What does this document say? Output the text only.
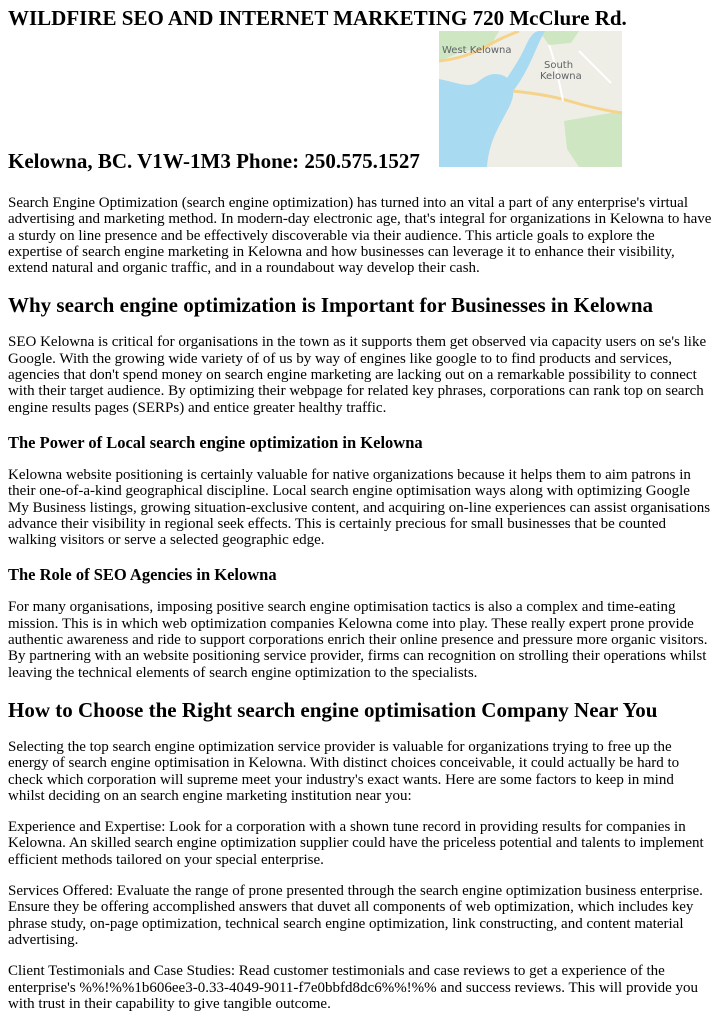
WILDFIRE SEO AND INTERNET MARKETING 720 McClure Rd.
West Kelowna
South
Kelowna
Kelowna, BC. V1W-1M3 Phone: 250.575.1527

Search Engine Optimization (search engine optimization) has turned into an vital a part of any enterprise's virtual advertising and marketing method. In modern-day electronic age, that's integral for organizations in Kelowna to have a sturdy on line presence and be effectively discoverable via their audience. This article goals to explore the expertise of search engine marketing in Kelowna and how businesses can leverage it to enhance their visibility, extend natural and organic traffic, and in a roundabout way develop their cash.

Why search engine optimization is Important for Businesses in Kelowna

SEO Kelowna is critical for organisations in the town as it supports them get observed via capacity users on se's like Google. With the growing wide variety of of us by way of engines like google to to find products and services, agencies that don't spend money on search engine marketing are lacking out on a remarkable possibility to connect with their target audience. By optimizing their webpage for related key phrases, corporations can rank top on search engine results pages (SERPs) and entice greater healthy traffic.

The Power of Local search engine optimization in Kelowna

Kelowna website positioning is certainly valuable for native organizations because it helps them to aim patrons in their one-of-a-kind geographical discipline. Local search engine optimisation ways along with optimizing Google My Business listings, growing situation-exclusive content, and acquiring on-line experiences can assist organisations advance their visibility in regional seek effects. This is certainly precious for small businesses that be counted walking visitors or serve a selected geographic edge.

The Role of SEO Agencies in Kelowna

For many organisations, imposing positive search engine optimisation tactics is also a complex and time-eating mission. This is in which web optimization companies Kelowna come into play. These really expert prone provide authentic awareness and ride to support corporations enrich their online presence and pressure more organic visitors. By partnering with an website positioning service provider, firms can recognition on strolling their operations whilst leaving the technical elements of search engine optimization to the specialists.

How to Choose the Right search engine optimisation Company Near You

Selecting the top search engine optimization service provider is valuable for organizations trying to free up the energy of search engine optimisation in Kelowna. With distinct choices conceivable, it could actually be hard to check which corporation will supreme meet your industry's exact wants. Here are some factors to keep in mind whilst deciding on an search engine marketing institution near you:

Experience and Expertise: Look for a corporation with a shown tune record in providing results for companies in Kelowna. An skilled search engine optimization supplier could have the priceless potential and talents to implement efficient methods tailored on your special enterprise.

Services Offered: Evaluate the range of prone presented through the search engine optimization business enterprise. Ensure they be offering accomplished answers that duvet all components of web optimization, which includes key phrase study, on-page optimization, technical search engine optimization, link constructing, and content material advertising.

Client Testimonials and Case Studies: Read customer testimonials and case reviews to get a experience of the enterprise's %%!%%1b606ee3-0.33-4049-9011-f7e0bbfd8dc6%%!%% and success reviews. This will provide you with trust in their capability to give tangible outcome.
